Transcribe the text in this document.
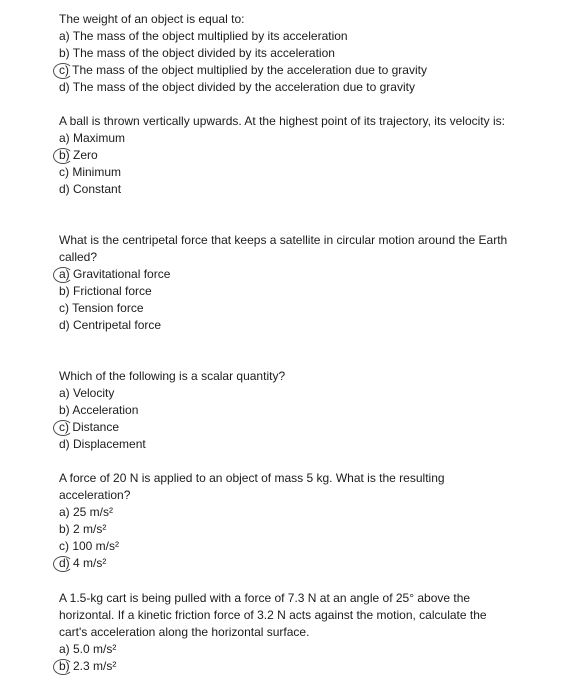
The weight of an object is equal to:

a) The mass of the object multiplied by its acceleration

b) The mass of the object divided by its acceleration

c) The mass of the object multiplied by the acceleration due to gravity

d) The mass of the object divided by the acceleration due to gravity

A ball is thrown vertically upwards. At the highest point of its trajectory, its velocity is:

a) Maximum

b) Zero

c) Minimum

d) Constant

What is the centripetal force that keeps a satellite in circular motion around the Earth called?

a) Gravitational force

b) Frictional force

c) Tension force

d) Centripetal force

Which of the following is a scalar quantity?

a) Velocity

b) Acceleration

c) Distance

d) Displacement

A force of 20 N is applied to an object of mass 5 kg. What is the resulting acceleration?

a) 25 m/s²

b) 2 m/s²

c) 100 m/s²

d) 4 m/s²

A 1.5-kg cart is being pulled with a force of 7.3 N at an angle of 25° above the horizontal. If a kinetic friction force of 3.2 N acts against the motion, calculate the cart's acceleration along the horizontal surface.

a) 5.0 m/s²

b) 2.3 m/s²
